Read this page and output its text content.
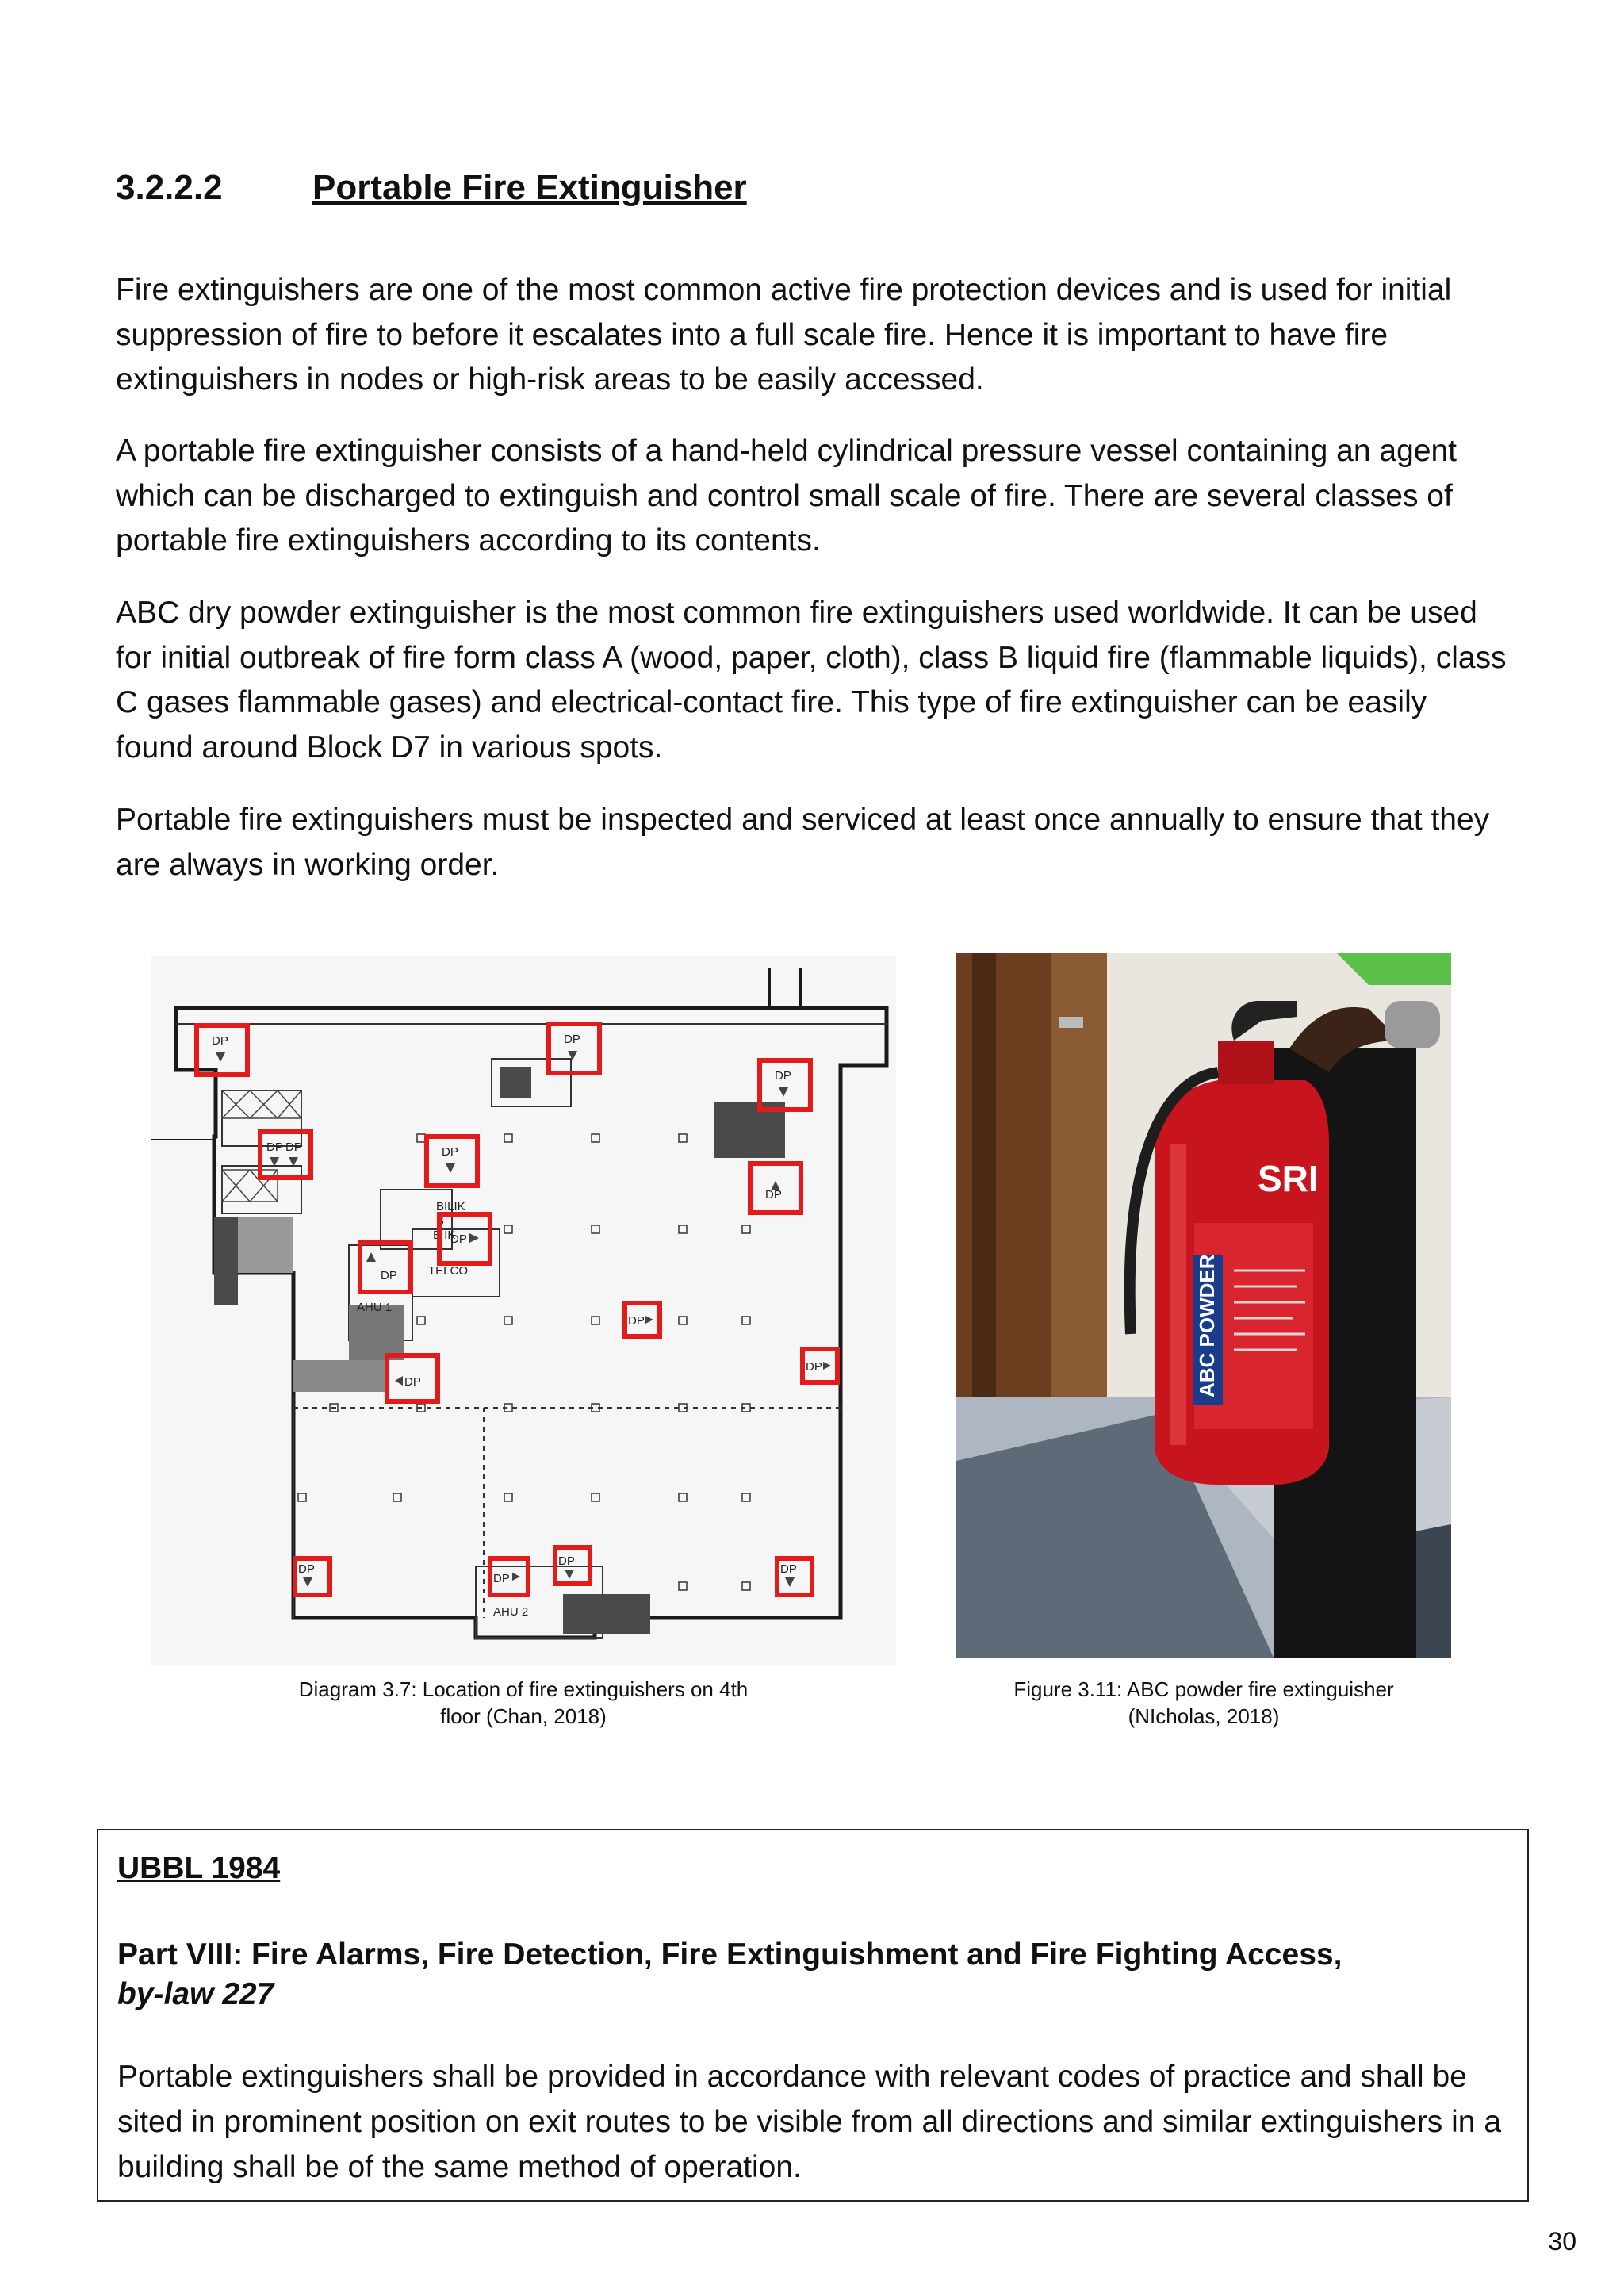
3.2.2.2	Portable Fire Extinguisher

Fire extinguishers are one of the most common active fire protection devices and is used for initial suppression of fire to before it escalates into a full scale fire. Hence it is important to have fire extinguishers in nodes or high-risk areas to be easily accessed.

A portable fire extinguisher consists of a hand-held cylindrical pressure vessel containing an agent which can be discharged to extinguish and control small scale of fire. There are several classes of portable fire extinguishers according to its contents.

ABC dry powder extinguisher is the most common fire extinguishers used worldwide. It can be used for initial outbreak of fire form class A (wood, paper, cloth), class B liquid fire (flammable liquids), class C gases flammable gases) and electrical-contact fire. This type of fire extinguisher can be easily found around Block D7 in various spots.

Portable fire extinguishers must be inspected and serviced at least once annually to ensure that they are always in working order.

BILIK
B
B IK
TELCO
AHU 1
AHU 2
DP	DP
DP
DP DP	DP
DP
DP
DP
DP
DP
DP
DP
DP
DP
DP

Diagram 3.7: Location of fire extinguishers on 4th
floor (Chan, 2018)

ABC POWDER
SRI

Figure 3.11: ABC powder fire extinguisher
(NIcholas, 2018)

UBBL 1984
Part VIII: Fire Alarms, Fire Detection, Fire Extinguishment and Fire Fighting Access,
by-law 227
Portable extinguishers shall be provided in accordance with relevant codes of practice and shall be sited in prominent position on exit routes to be visible from all directions and similar extinguishers in a building shall be of the same method of operation.
30
